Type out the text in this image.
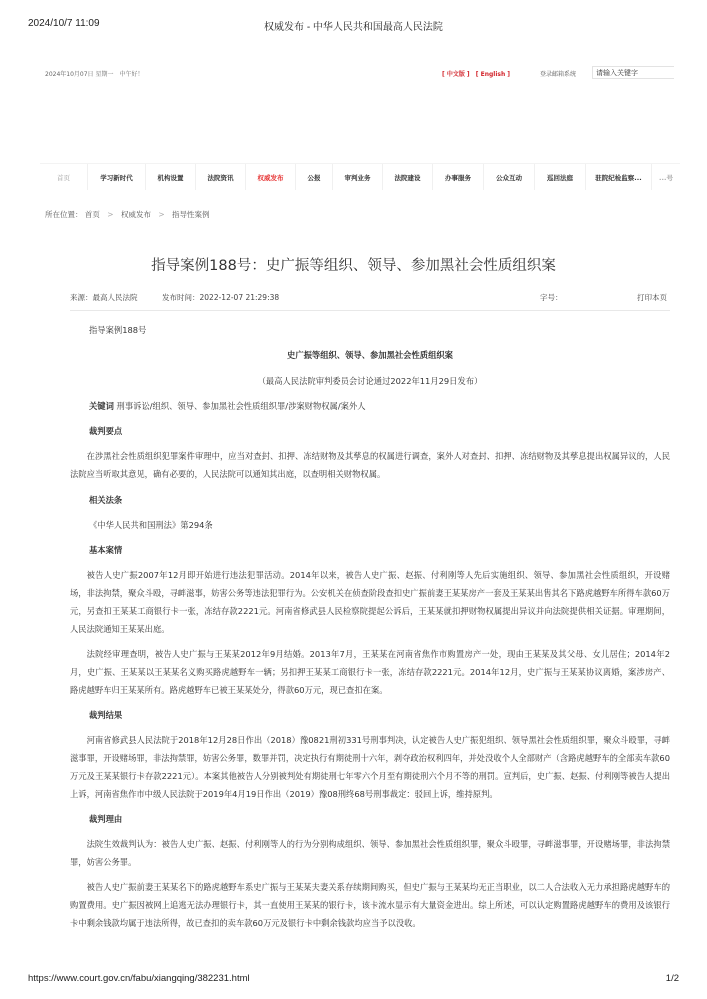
2024/10/7 11:09	权威发布 - 中华人民共和国最高人民法院
2024年10月07日 星期一　中午好！	[ 中文版 ] [ English ]	登录邮箱系统
请输入关键字
首页	学习新时代	机构设置	法院资讯	权威发布	公报	审判业务	法院建设	办事服务	公众互动	巡回法庭	驻院纪检监察...	...号
所在位置： 首页 > 权威发布 > 指导性案例
指导案例188号：史广振等组织、领导、参加黑社会性质组织案
来源：最高人民法院	发布时间：2022-12-07 21:29:38	字号：	打印本页

指导案例188号

史广振等组织、领导、参加黑社会性质组织案

（最高人民法院审判委员会讨论通过2022年11月29日发布）

关键词 刑事诉讼/组织、领导、参加黑社会性质组织罪/涉案财物权属/案外人

裁判要点

在涉黑社会性质组织犯罪案件审理中，应当对查封、扣押、冻结财物及其孳息的权属进行调查，案外人对查封、扣押、冻结财物及其孳息提出权属异议的，人民法院应当听取其意见，确有必要的，人民法院可以通知其出庭，以查明相关财物权属。

相关法条

《中华人民共和国刑法》第294条

基本案情

被告人史广振2007年12月即开始进行违法犯罪活动。2014年以来，被告人史广振、赵振、付利刚等人先后实施组织、领导、参加黑社会性质组织，开设赌场，非法拘禁，聚众斗殴，寻衅滋事，妨害公务等违法犯罪行为。公安机关在侦查阶段查扣史广振前妻王某某房产一套及王某某出售其名下路虎越野车所得车款60万元，另查扣王某某工商银行卡一张，冻结存款2221元。河南省修武县人民检察院提起公诉后，王某某就扣押财物权属提出异议并向法院提供相关证据。审理期间，人民法院通知王某某出庭。

法院经审理查明，被告人史广振与王某某2012年9月结婚。2013年7月，王某某在河南省焦作市购置房产一处，现由王某某及其父母、女儿居住；2014年2月，史广振、王某某以王某某名义购买路虎越野车一辆；另扣押王某某工商银行卡一张，冻结存款2221元。2014年12月，史广振与王某某协议离婚，案涉房产、路虎越野车归王某某所有。路虎越野车已被王某某处分，得款60万元，现已查扣在案。

裁判结果

河南省修武县人民法院于2018年12月28日作出（2018）豫0821刑初331号刑事判决，认定被告人史广振犯组织、领导黑社会性质组织罪，聚众斗殴罪，寻衅滋事罪，开设赌场罪，非法拘禁罪，妨害公务罪，数罪并罚，决定执行有期徒刑十六年，剥夺政治权利四年，并处没收个人全部财产（含路虎越野车的全部卖车款60万元及王某某银行卡存款2221元）。本案其他被告人分别被判处有期徒刑七年零六个月至有期徒刑六个月不等的刑罚。宣判后，史广振、赵振、付利刚等被告人提出上诉，河南省焦作市中级人民法院于2019年4月19日作出（2019）豫08刑终68号刑事裁定：驳回上诉，维持原判。

裁判理由

法院生效裁判认为：被告人史广振、赵振、付利刚等人的行为分别构成组织、领导、参加黑社会性质组织罪，聚众斗殴罪，寻衅滋事罪，开设赌场罪，非法拘禁罪，妨害公务罪。

被告人史广振前妻王某某名下的路虎越野车系史广振与王某某夫妻关系存续期间购买，但史广振与王某某均无正当职业，以二人合法收入无力承担路虎越野车的购置费用。史广振因被网上追逃无法办理银行卡，其一直使用王某某的银行卡，该卡流水显示有大量资金进出。综上所述，可以认定购置路虎越野车的费用及该银行卡中剩余钱款均属于违法所得，故已查扣的卖车款60万元及银行卡中剩余钱款均应当予以没收。

https://www.court.gov.cn/fabu/xiangqing/382231.html	1/2
